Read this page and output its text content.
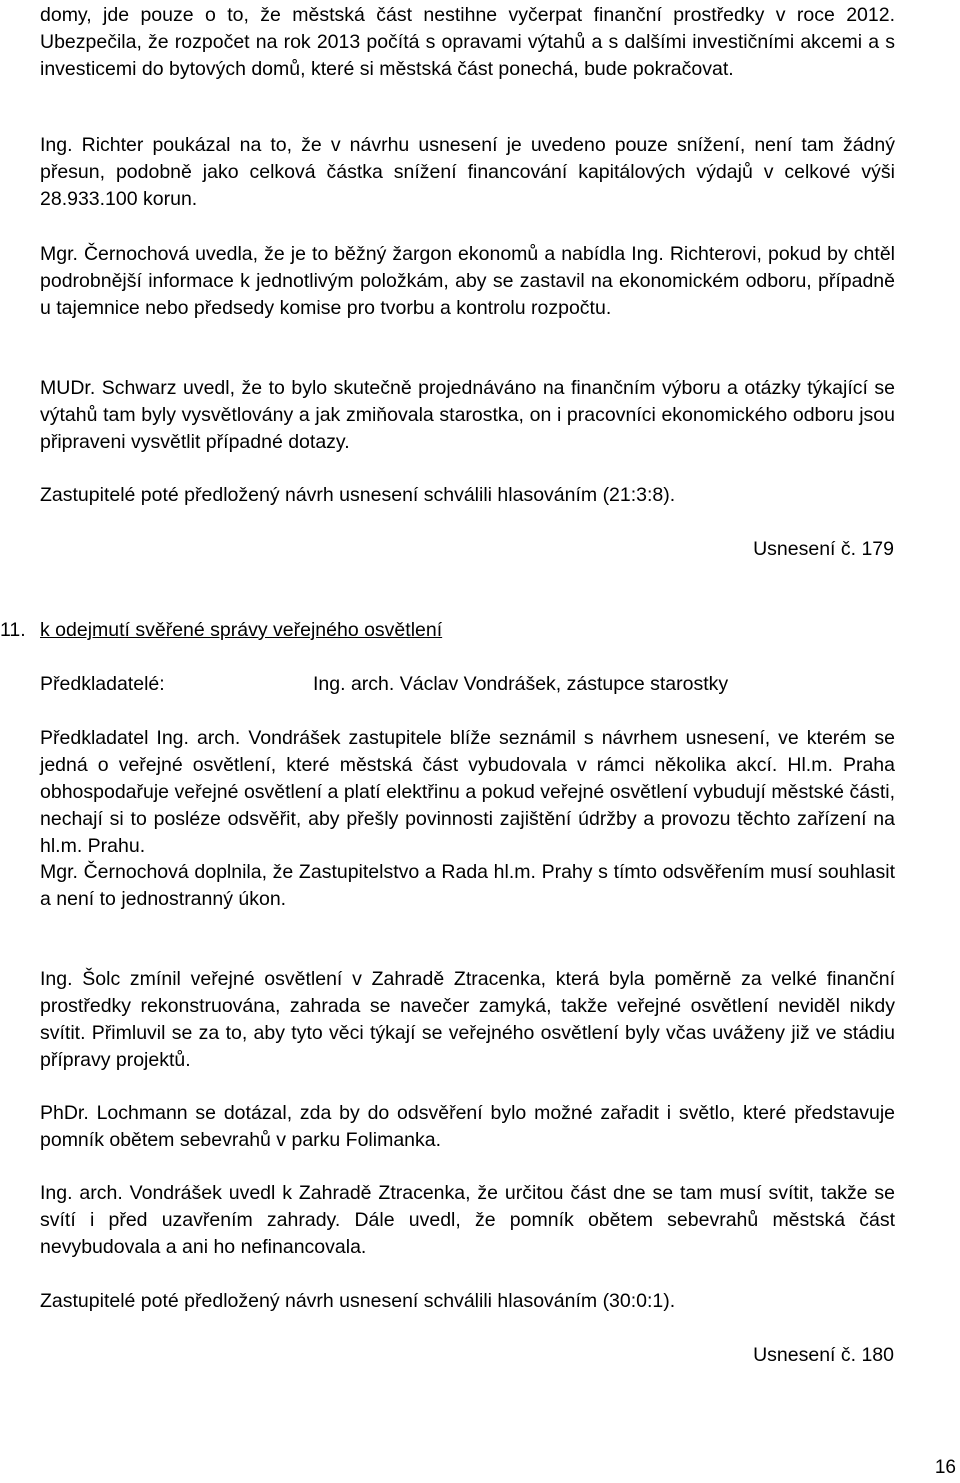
domy, jde pouze o to, že městská část nestihne vyčerpat finanční prostředky v roce 2012. Ubezpečila, že rozpočet na rok 2013 počítá s opravami výtahů a s dalšími investičními akcemi a s investicemi do bytových domů, které si městská část ponechá, bude pokračovat.

Ing. Richter poukázal na to, že v návrhu usnesení je uvedeno pouze snížení, není tam žádný přesun, podobně jako celková částka snížení financování kapitálových výdajů v celkové výši 28.933.100 korun.

Mgr. Černochová uvedla, že je to běžný žargon ekonomů a nabídla Ing. Richterovi, pokud by chtěl podrobnější informace k jednotlivým položkám, aby se zastavil na ekonomickém odboru, případně u tajemnice nebo předsedy komise pro tvorbu a kontrolu rozpočtu.

MUDr. Schwarz uvedl, že to bylo skutečně projednáváno na finančním výboru a otázky týkající se výtahů tam byly vysvětlovány a jak zmiňovala starostka, on i pracovníci ekonomického odboru jsou připraveni vysvětlit případné dotazy.

Zastupitelé poté předložený návrh usnesení schválili hlasováním (21:3:8).

Usnesení č. 179

11. k odejmutí svěřené správy veřejného osvětlení

Předkladatelé:	Ing. arch. Václav Vondrášek, zástupce starostky

Předkladatel Ing. arch. Vondrášek zastupitele blíže seznámil s návrhem usnesení, ve kterém se jedná o veřejné osvětlení, které městská část vybudovala v rámci několika akcí. Hl.m. Praha obhospodařuje veřejné osvětlení a platí elektřinu a pokud veřejné osvětlení vybudují městské části, nechají si to posléze odsvěřit, aby přešly povinnosti zajištění údržby a provozu těchto zařízení na hl.m. Prahu.

Mgr. Černochová doplnila, že Zastupitelstvo a Rada hl.m. Prahy s tímto odsvěřením musí souhlasit a není to jednostranný úkon.

Ing. Šolc zmínil veřejné osvětlení v Zahradě Ztracenka, která byla poměrně za velké finanční prostředky rekonstruována, zahrada se navečer zamyká, takže veřejné osvětlení neviděl nikdy svítit. Přimluvil se za to, aby tyto věci týkají se veřejného osvětlení byly včas uváženy již ve stádiu přípravy projektů.

PhDr. Lochmann se dotázal, zda by do odsvěření bylo možné zařadit i světlo, které představuje pomník obětem sebevrahů v parku Folimanka.

Ing. arch. Vondrášek uvedl k Zahradě Ztracenka, že určitou část dne se tam musí svítit, takže se svítí i před uzavřením zahrady. Dále uvedl, že pomník obětem sebevrahů městská část nevybudovala a ani ho nefinancovala.

Zastupitelé poté předložený návrh usnesení schválili hlasováním (30:0:1).

Usnesení č. 180

16
